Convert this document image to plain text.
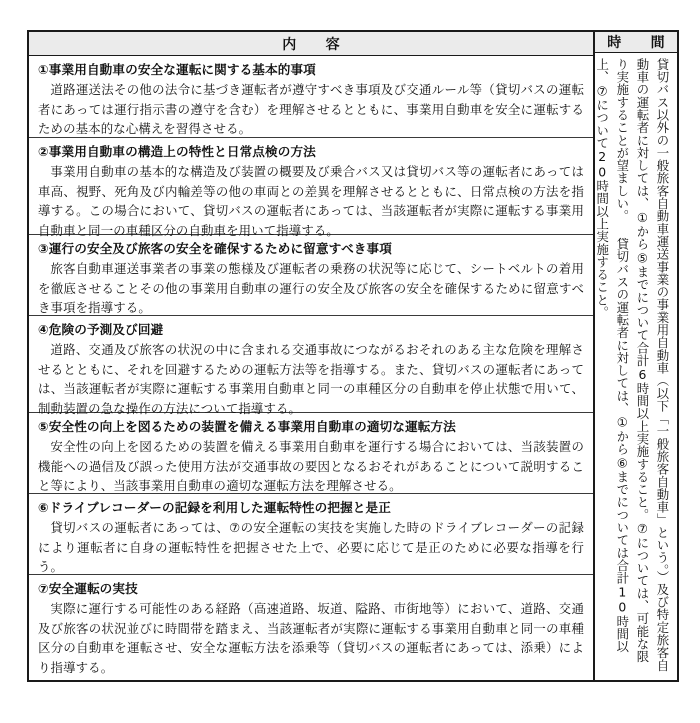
内　容

①事業用自動車の安全な運転に関する基本的事項

道路運送法その他の法令に基づき運転者が遵守すべき事項及び交通ルール等（貸切バスの運転者にあっては運行指示書の遵守を含む）を理解させるとともに、事業用自動車を安全に運転するための基本的な心構えを習得させる。

②事業用自動車の構造上の特性と日常点検の方法

事業用自動車の基本的な構造及び装置の概要及び乗合バス又は貸切バス等の運転者にあっては車高、視野、死角及び内輪差等の他の車両との差異を理解させるとともに、日常点検の方法を指導する。この場合において、貸切バスの運転者にあっては、当該運転者が実際に運転する事業用自動車と同一の車種区分の自動車を用いて指導する。

③運行の安全及び旅客の安全を確保するために留意すべき事項

旅客自動車運送事業者の事業の態様及び運転者の乗務の状況等に応じて、シートベルトの着用を徹底させることその他の事業用自動車の運行の安全及び旅客の安全を確保するために留意すべき事項を指導する。

④危険の予測及び回避

道路、交通及び旅客の状況の中に含まれる交通事故につながるおそれのある主な危険を理解させるとともに、それを回避するための運転方法等を指導する。また、貸切バスの運転者にあっては、当該運転者が実際に運転する事業用自動車と同一の車種区分の自動車を停止状態で用いて、制動装置の急な操作の方法について指導する。

⑤安全性の向上を図るための装置を備える事業用自動車の適切な運転方法

安全性の向上を図るための装置を備える事業用自動車を運行する場合においては、当該装置の機能への過信及び誤った使用方法が交通事故の要因となるおそれがあることについて説明すること等により、当該事業用自動車の適切な運転方法を理解させる。

⑥ドライブレコーダーの記録を利用した運転特性の把握と是正

貸切バスの運転者にあっては、⑦の安全運転の実技を実施した時のドライブレコーダーの記録により運転者に自身の運転特性を把握させた上で、必要に応じて是正のために必要な指導を行う。

⑦安全運転の実技

実際に運行する可能性のある経路（高速道路、坂道、隘路、市街地等）において、道路、交通及び旅客の状況並びに時間帯を踏まえ、当該運転者が実際に運転する事業用自動車と同一の車種区分の自動車を運転させ、安全な運転方法を添乗等（貸切バスの運転者にあっては、添乗）により指導する。

時　間
貸切バス以外の一般旅客自動車運送事業の事業用自動車（以下「一般旅客自動車」という。）及び特定旅客自動車の運転者に対しては、①から⑤までについて合計6時間以上実施すること。⑦については、可能な限り実施することが望ましい。 貸切バスの運転者に対しては、①から⑥までについては合計10時間以上、⑦について20時間以上実施すること。
